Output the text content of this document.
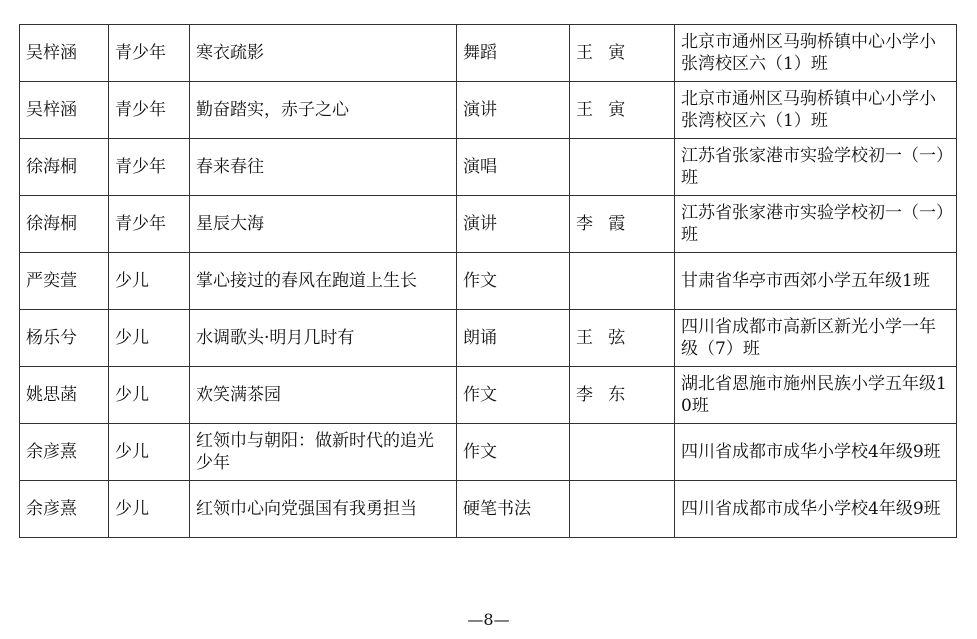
吴梓涵	青少年	寒衣疏影	舞蹈	王寅	北京市通州区马驹桥镇中心小学小张湾校区六（1）班
吴梓涵	青少年	勤奋踏实，赤子之心	演讲	王寅	北京市通州区马驹桥镇中心小学小张湾校区六（1）班
徐海桐	青少年	春来春往	演唱		江苏省张家港市实验学校初一（一）班
徐海桐	青少年	星辰大海	演讲	李霞	江苏省张家港市实验学校初一（一）班
严奕萱	少儿	掌心接过的春风在跑道上生长	作文		甘肃省华亭市西郊小学五年级1班
杨乐兮	少儿	水调歌头·明月几时有	朗诵	王弦	四川省成都市高新区新光小学一年级（7）班
姚思菡	少儿	欢笑满茶园	作文	李东	湖北省恩施市施州民族小学五年级10班
余彦熹	少儿	红领巾与朝阳：做新时代的追光少年	作文		四川省成都市成华小学校4年级9班
余彦熹	少儿	红领巾心向党强国有我勇担当	硬笔书法		四川省成都市成华小学校4年级9班
—8—
